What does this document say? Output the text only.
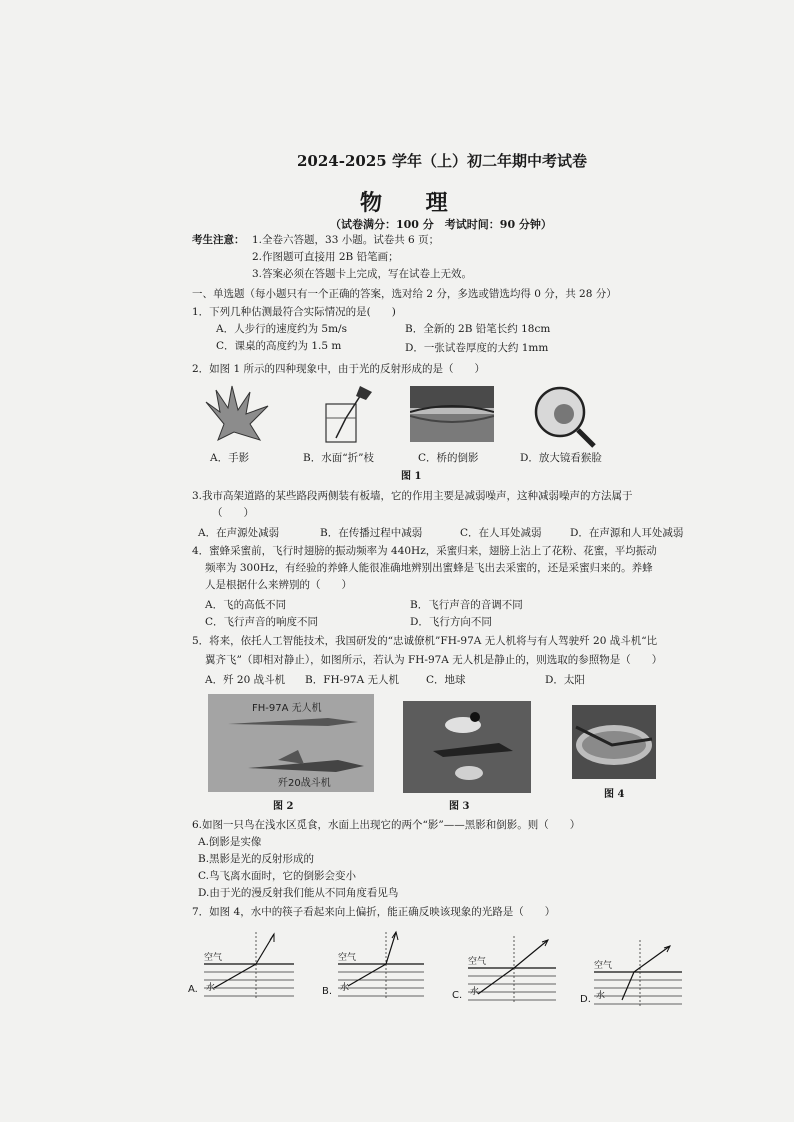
2024-2025 学年（上）初二年期中考试卷
物 理
（试卷满分：100 分　考试时间：90 分钟）
考生注意： 1.全卷六答题，33 小题。试卷共 6 页；
2.作图题可直接用 2B 铅笔画；
3.答案必须在答题卡上完成，写在试卷上无效。
一、单选题（每小题只有一个正确的答案，选对给 2 分，多选或错选均得 0 分，共 28 分）
1．下列几种估测最符合实际情况的是(　　)
A．人步行的速度约为 5m/s	B．全新的 2B 铅笔长约 18cm
C．课桌的高度约为 1.5 m	D．一张试卷厚度的大约 1mm
2．如图 1 所示的四种现象中，由于光的反射形成的是（　　）
A．手影	B．水面“折”枝	C．桥的倒影	D．放大镜看猴脸
图 1
3.我市高架道路的某些路段两侧装有板墙，它的作用主要是减弱噪声，这种减弱噪声的方法属于
（　　）
A．在声源处减弱	B．在传播过程中减弱	C．在人耳处减弱	D．在声源和人耳处减弱
4．蜜蜂采蜜前，飞行时翅膀的振动频率为 440Hz，采蜜归来，翅膀上沾上了花粉、花蜜，平均振动
频率为 300Hz，有经验的养蜂人能很准确地辨别出蜜蜂是飞出去采蜜的，还是采蜜归来的。养蜂
人是根据什么来辨别的（　　）
A．飞的高低不同	B．飞行声音的音调不同
C．飞行声音的响度不同	D．飞行方向不同
5．将来，依托人工智能技术，我国研发的“忠诚僚机”FH-97A 无人机将与有人驾驶歼 20 战斗机“比
翼齐飞”（即相对静止），如图所示，若认为 FH-97A 无人机是静止的，则选取的参照物是（　　）
A．歼 20 战斗机 B．FH-97A 无人机	C．地球	D．太阳
FH-97A 无人机
歼20战斗机
图 2	图 3
图 4
6.如图一只鸟在浅水区觅食，水面上出现它的两个“影”——黑影和倒影。则（　　）
A.倒影是实像
B.黑影是光的反射形成的
C.鸟飞离水面时，它的倒影会变小
D.由于光的漫反射我们能从不同角度看见鸟
7．如图 4，水中的筷子看起来向上偏折，能正确反映该现象的光路是（　　）
空气
水
A.
空气
水
B.
空气
水
C.
空气
水
D.
